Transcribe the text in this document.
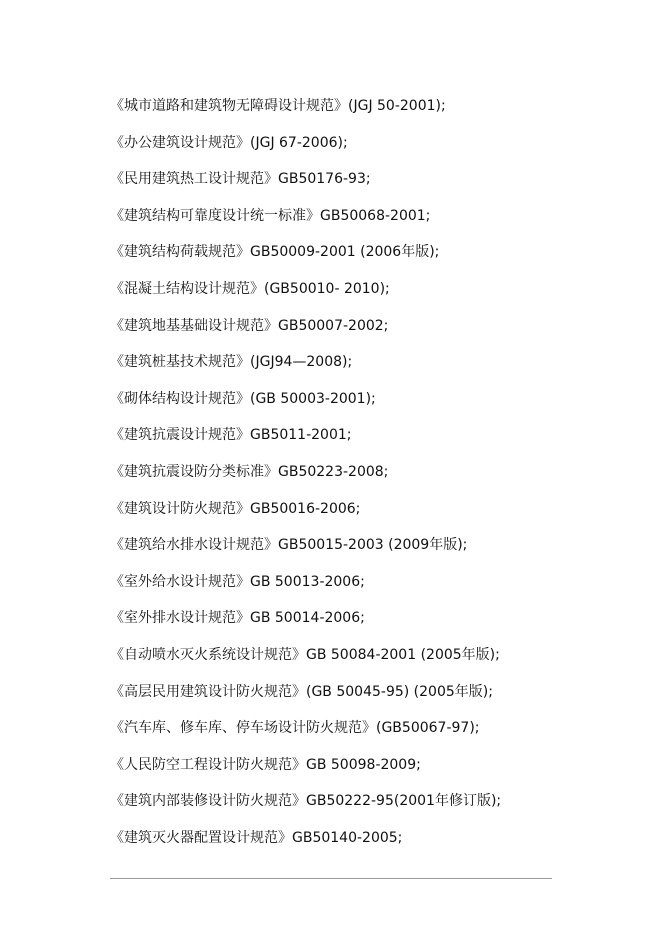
《城市道路和建筑物无障碍设计规范》(JGJ 50-2001);
《办公建筑设计规范》(JGJ 67-2006);
《民用建筑热工设计规范》GB50176-93;
《建筑结构可靠度设计统一标准》GB50068-2001;
《建筑结构荷载规范》GB50009-2001 (2006年版);
《混凝土结构设计规范》(GB50010- 2010);
《建筑地基基础设计规范》GB50007-2002;
《建筑桩基技术规范》(JGJ94—2008);
《砌体结构设计规范》(GB 50003-2001);
《建筑抗震设计规范》GB5011-2001;
《建筑抗震设防分类标准》GB50223-2008;
《建筑设计防火规范》GB50016-2006;
《建筑给水排水设计规范》GB50015-2003 (2009年版);
《室外给水设计规范》GB 50013-2006;
《室外排水设计规范》GB 50014-2006;
《自动喷水灭火系统设计规范》GB 50084-2001 (2005年版);
《高层民用建筑设计防火规范》(GB 50045-95) (2005年版);
《汽车库、修车库、停车场设计防火规范》(GB50067-97);
《人民防空工程设计防火规范》GB 50098-2009;
《建筑内部装修设计防火规范》GB50222-95(2001年修订版);
《建筑灭火器配置设计规范》GB50140-2005;
